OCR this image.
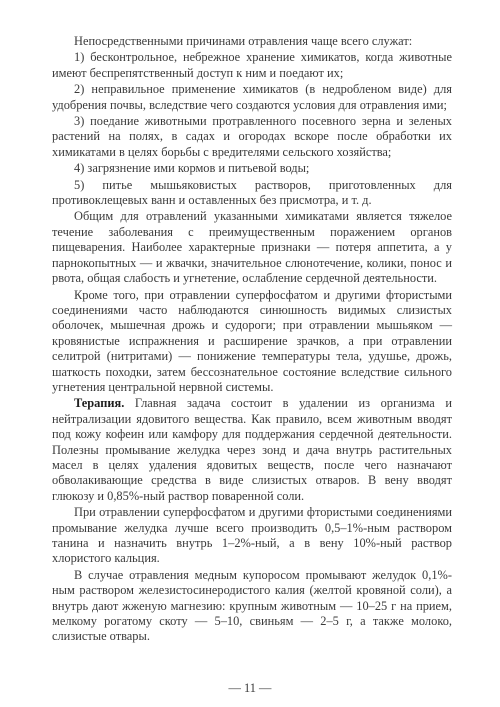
Непосредственными причинами отравления чаще всего служат:

1) бесконтрольное, небрежное хранение химикатов, когда животные имеют беспрепятственный доступ к ним и поедают их;

2) неправильное применение химикатов (в недробленом виде) для удобрения почвы, вследствие чего создаются условия для отравления ими;

3) поедание животными протравленного посевного зерна и зеленых растений на полях, в садах и огородах вскоре после обработки их химикатами в целях борьбы с вредителями сельского хозяйства;

4) загрязнение ими кормов и питьевой воды;

5) питье мышьяковистых растворов, приготовленных для противоклещевых ванн и оставленных без присмотра, и т. д.

Общим для отравлений указанными химикатами является тяжелое течение заболевания с преимущественным поражением органов пищеварения. Наиболее характерные признаки — потеря аппетита, а у парнокопытных — и жвачки, значительное слюнотечение, колики, понос и рвота, общая слабость и угнетение, ослабление сердечной деятельности.

Кроме того, при отравлении суперфосфатом и другими фтористыми соединениями часто наблюдаются синюшность видимых слизистых оболочек, мышечная дрожь и судороги; при отравлении мышьяком — кровянистые испражнения и расширение зрачков, а при отравлении селитрой (нитритами) — понижение температуры тела, удушье, дрожь, шаткость походки, затем бессознательное состояние вследствие сильного угнетения центральной нервной системы.

Терапия. Главная задача состоит в удалении из организма и нейтрализации ядовитого вещества. Как правило, всем животным вводят под кожу кофеин или камфору для поддержания сердечной деятельности. Полезны промывание желудка через зонд и дача внутрь растительных масел в целях удаления ядовитых веществ, после чего назначают обволакивающие средства в виде слизистых отваров. В вену вводят глюкозу и 0,85%-ный раствор поваренной соли.

При отравлении суперфосфатом и другими фтористыми соединениями промывание желудка лучше всего производить 0,5–1%-ным раствором танина и назначить внутрь 1–2%-ный, а в вену 10%-ный раствор хлористого кальция.

В случае отравления медным купоросом промывают желудок 0,1%-ным раствором железистосинеродистого калия (желтой кровяной соли), а внутрь дают жженую магнезию: крупным животным — 10–25 г на прием, мелкому рогатому скоту — 5–10, свиньям — 2–5 г, а также молоко, слизистые отвары.

— 11 —
